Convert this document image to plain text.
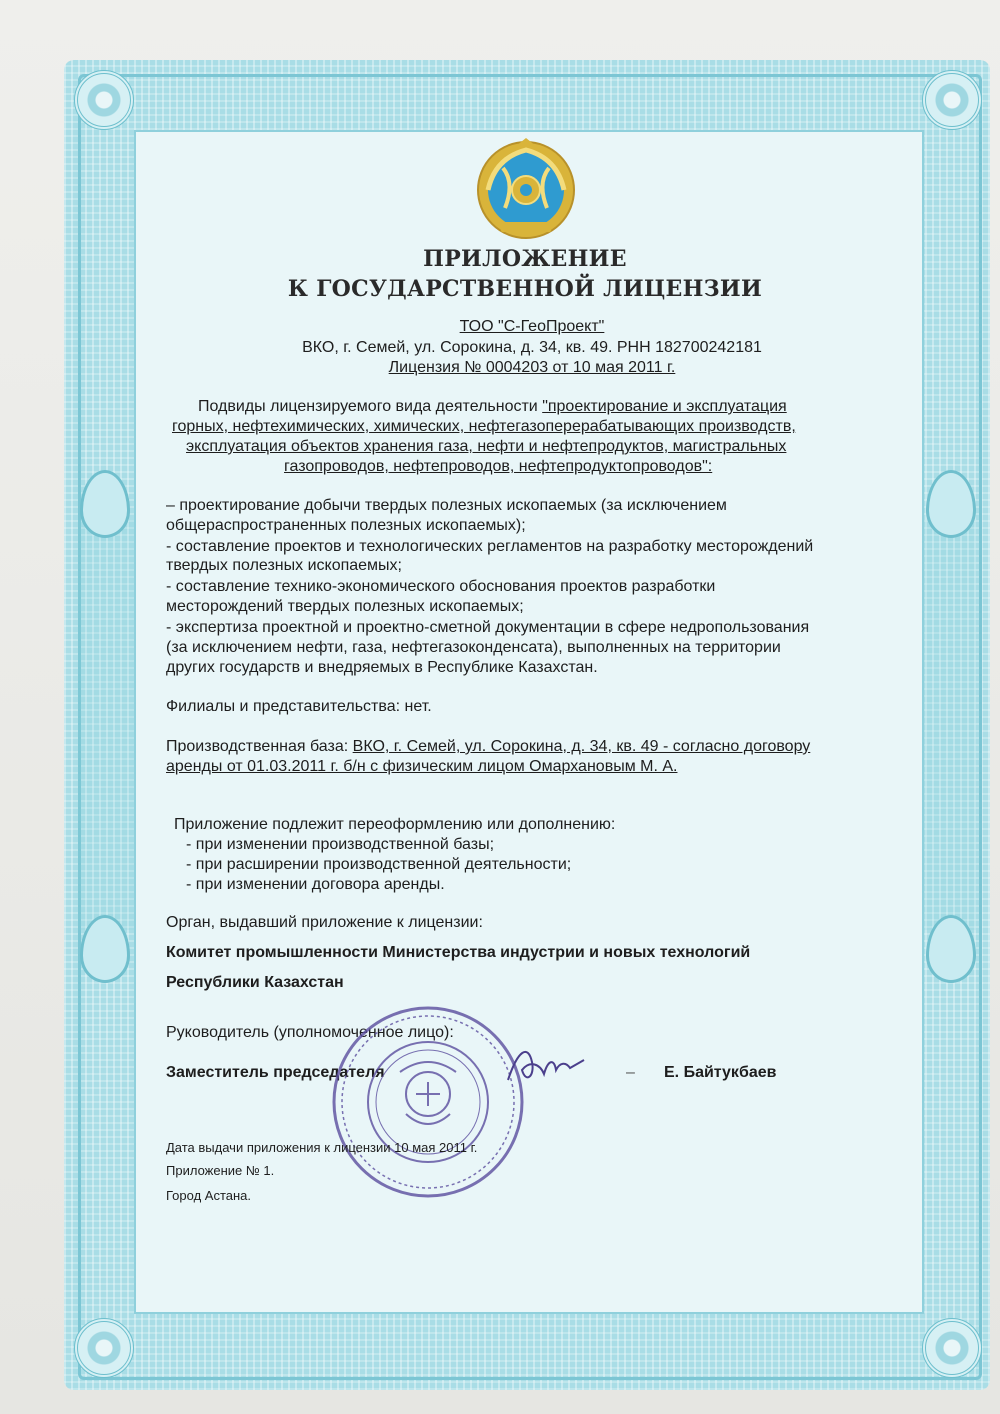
ПРИЛОЖЕНИЕ
К ГОСУДАРСТВЕННОЙ ЛИЦЕНЗИИ
ТОО "С-ГеоПроект"
ВКО, г. Семей, ул. Сорокина, д. 34, кв. 49. РНН 182700242181
Лицензия № 0004203 от 10 мая 2011 г.
Подвиды лицензируемого вида деятельности "проектирование и эксплуатация
горных, нефтехимических, химических, нефтегазоперерабатывающих производств,
эксплуатация объектов хранения газа, нефти и нефтепродуктов, магистральных
газопроводов, нефтепроводов, нефтепродуктопроводов":
– проектирование добычи твердых полезных ископаемых (за исключением
общераспространенных полезных ископаемых);
- составление проектов и технологических регламентов на разработку месторождений
твердых полезных ископаемых;
- составление технико-экономического обоснования проектов разработки
месторождений твердых полезных ископаемых;
- экспертиза проектной и проектно-сметной документации в сфере недропользования
(за исключением нефти, газа, нефтегазоконденсата), выполненных на территории
других государств и внедряемых в Республике Казахстан.
Филиалы и представительства: нет.
Производственная база: ВКО, г. Семей, ул. Сорокина, д. 34, кв. 49 - согласно договору
аренды от 01.03.2011 г. б/н с физическим лицом Омархановым М. А.
Приложение подлежит переоформлению или дополнению:
- при изменении производственной базы;
- при расширении производственной деятельности;
- при изменении договора аренды.
Орган, выдавший приложение к лицензии:
Комитет промышленности Министерства индустрии и новых технологий
Республики Казахстан
Руководитель (уполномоченное лицо):
Заместитель председателя	– Е. Байтукбаев
Дата выдачи приложения к лицензии 10 мая 2011 г.
Приложение № 1.
Город Астана.
